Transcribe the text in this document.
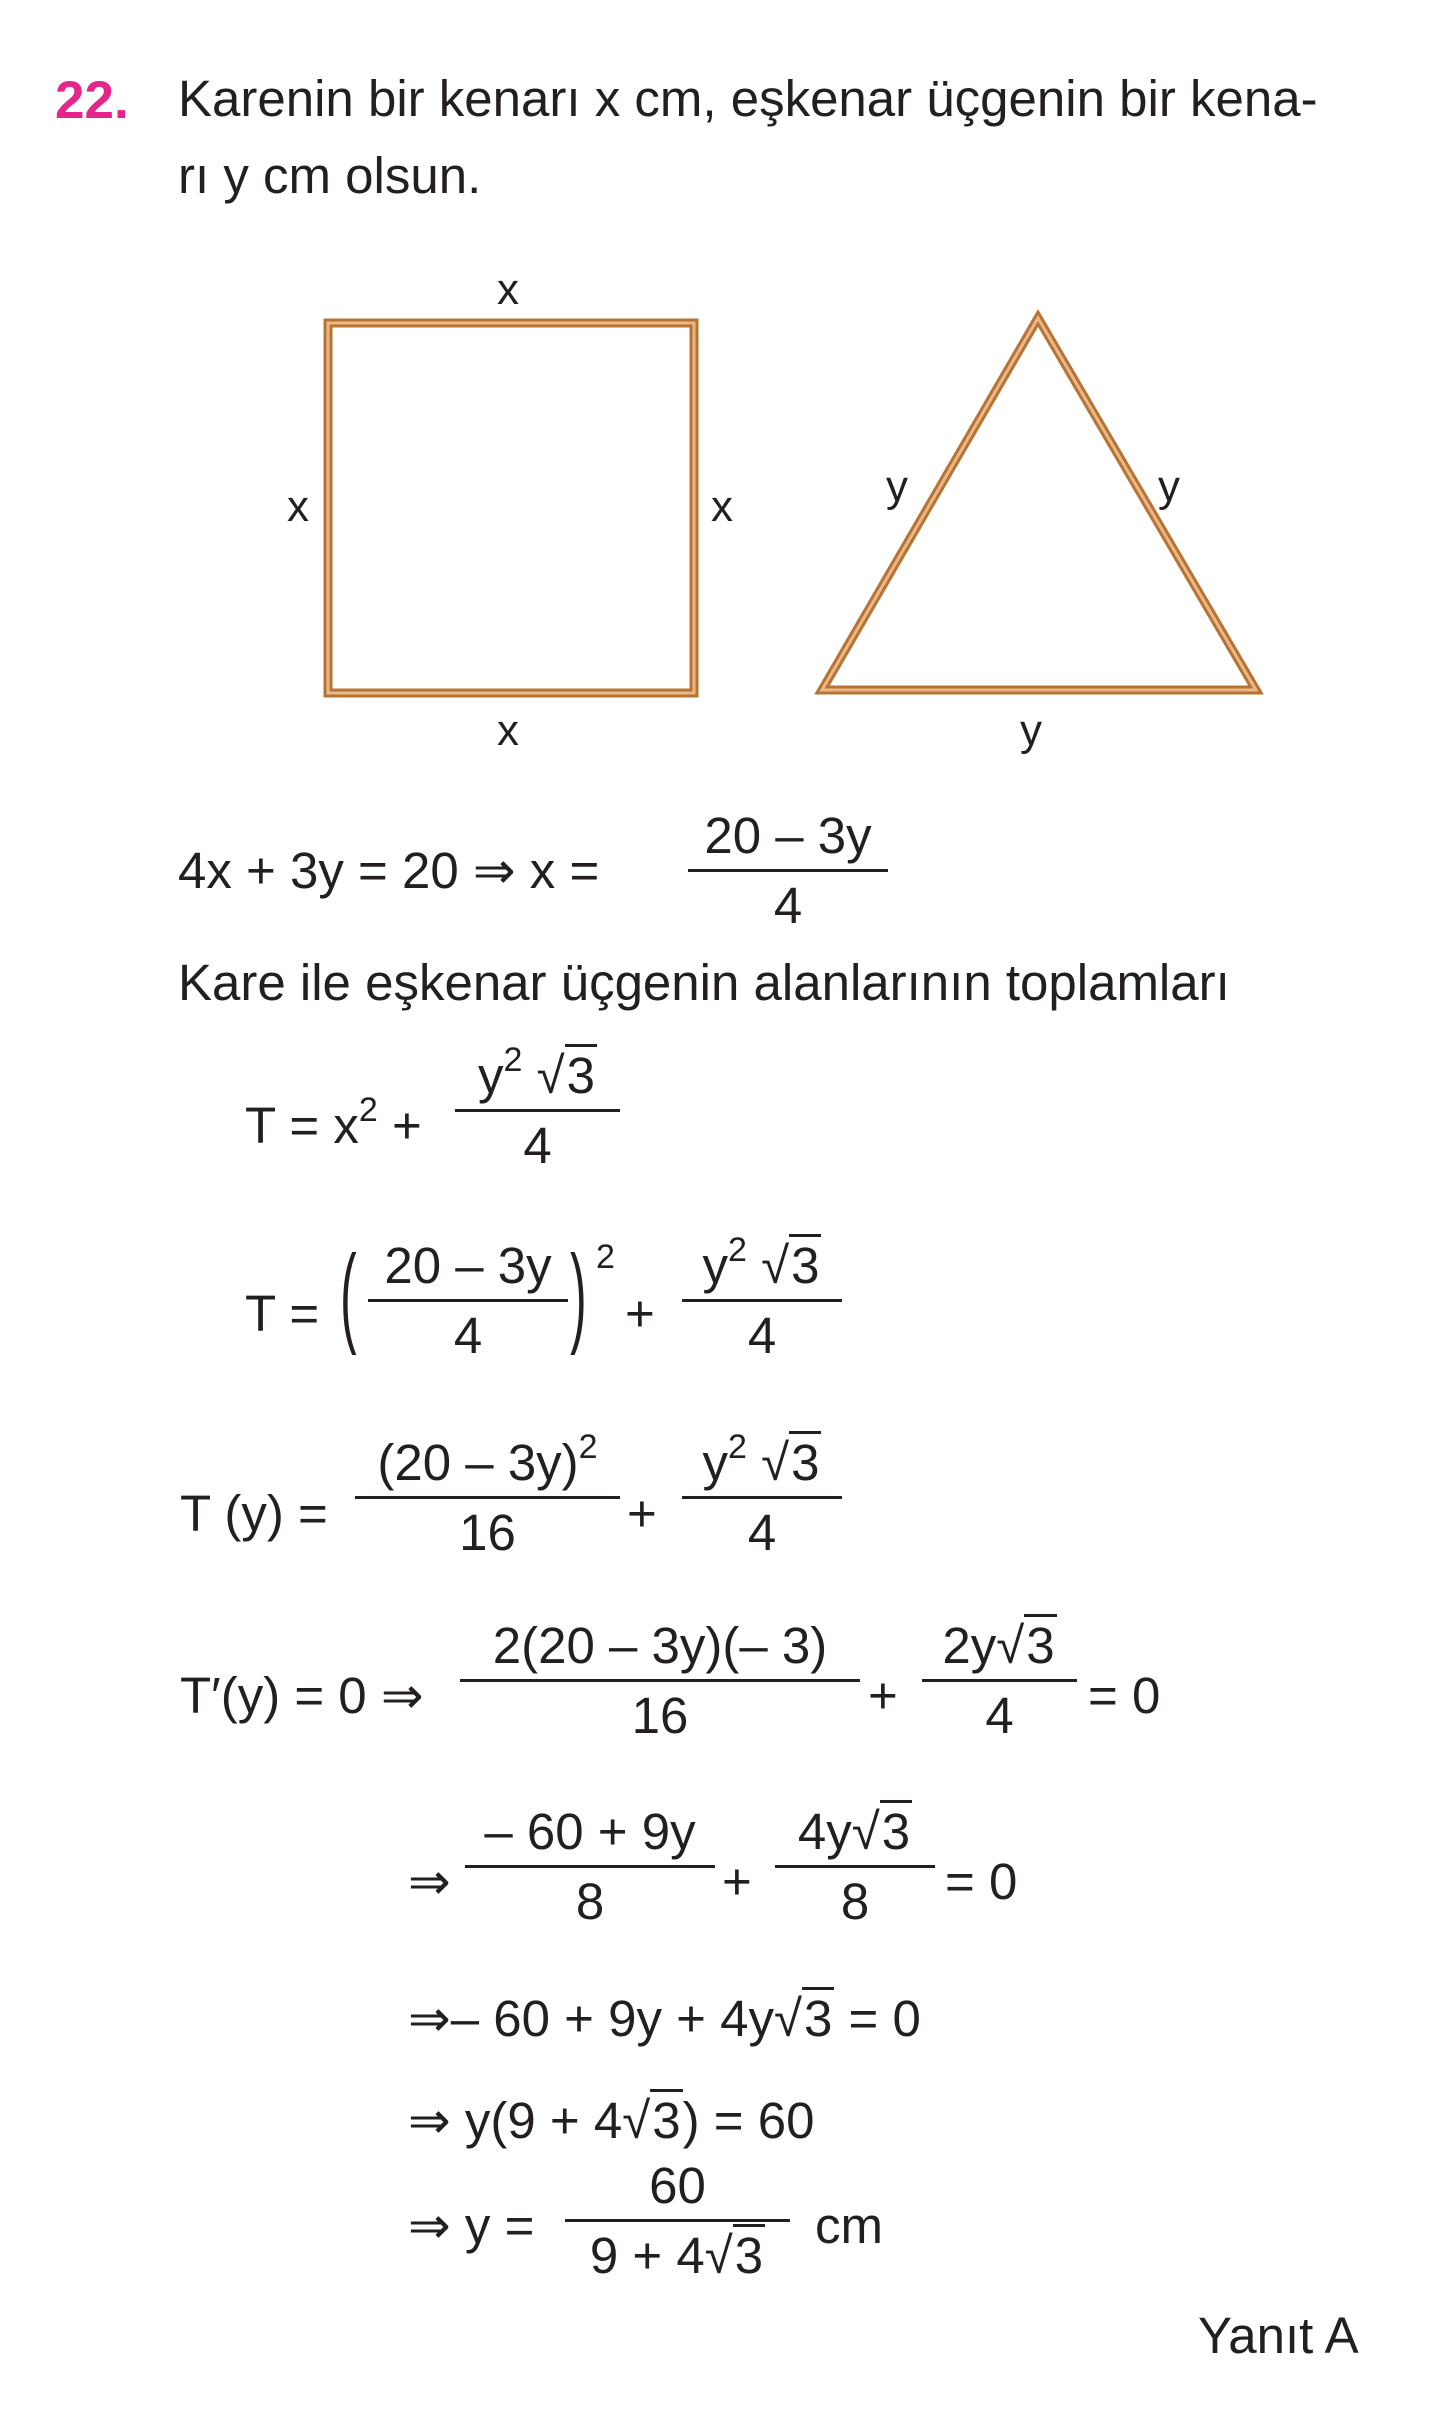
22. Karenin bir kenarı x cm, eşkenar üçgenin bir kena-
rı y cm olsun.
x
x	x
x
y	y
y
4x + 3y = 20 ⇒ x =
20 – 3y
4
Kare ile eşkenar üçgenin alanlarının toplamları
$T = x^2$ +
$y^2$ √3
4
T = ( 20 – 3y
4 ) 2
+
$y^2$ √3
4
T (y) =
(20 – 3y)$^2$
16	+
$y^2$ √3
4
T′(y) = 0 ⇒
2(20 – 3y)(– 3)
16	+
2y√3
4	= 0
⇒
– 60 + 9y
8	+
4y√3
8	= 0
⇒– 60 + 9y + 4y√3 = 0
⇒ y(9 + 4√3) = 60
⇒ y =
60
9 + 4√3
cm
Yanıt A
